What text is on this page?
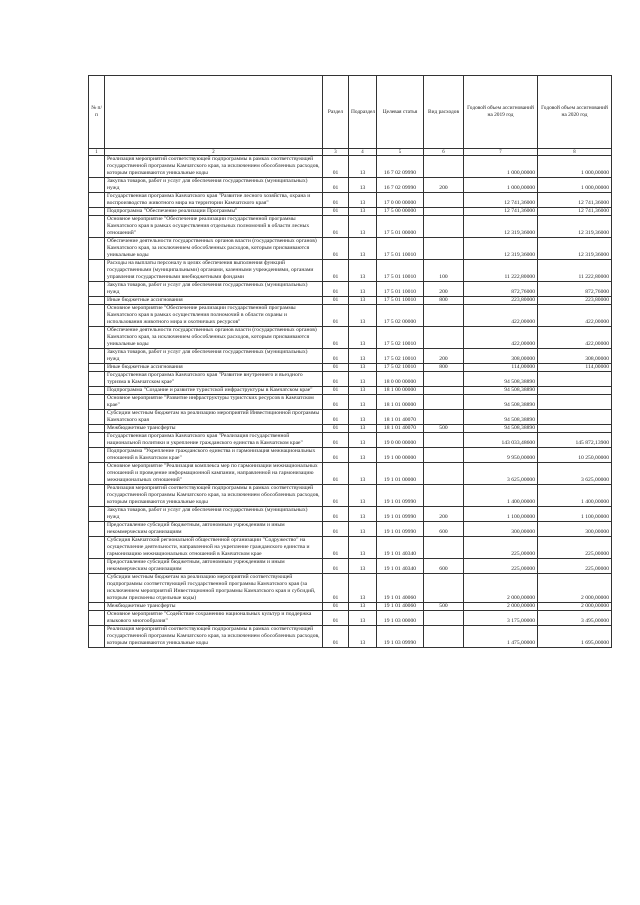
№ п/п		Раздел	Подраздел	Целевая статья	Вид расходов	Годовой объем ассигнований на 2019 год	Годовой объем ассигнований на 2020 год
1	2	3	4	5	6	7	8
	Реализация мероприятий соответствующей подпрограммы в рамках соответствующей государственной программы Камчатского края, за исключением обособленных расходов, которым присваиваются уникальные коды	01	13	16 7 02 09990		1 000,00000	1 000,00000
	Закупка товаров, работ и услуг для обеспечения государственных (муниципальных) нужд	01	13	16 7 02 09990	200	1 000,00000	1 000,00000
	Государственная программа Камчатского края "Развитие лесного хозяйства, охрана и воспроизводство животного мира на территории Камчатского края"	01	13	17 0 00 00000		12 741,36000	12 741,36000
	Подпрограмма "Обеспечение реализации Программы"	01	13	17 5 00 00000		12 741,36000	12 741,36000
	Основное мероприятие "Обеспечение реализации государственной программы Камчатского края в рамках осуществления отдельных полномочий в области лесных отношений"	01	13	17 5 01 00000		12 319,36000	12 319,36000
	Обеспечение деятельности государственных органов власти (государственных органов) Камчатского края, за исключением обособленных расходов, которым присваиваются уникальные коды	01	13	17 5 01 10010		12 319,36000	12 319,36000
	Расходы на выплаты персоналу в целях обеспечения выполнения функций государственными (муниципальными) органами, казенными учреждениями, органами управления государственными внебюджетными фондами	01	13	17 5 01 10010	100	11 222,80000	11 222,80000
	Закупка товаров, работ и услуг для обеспечения государственных (муниципальных) нужд	01	13	17 5 01 10010	200	872,76000	872,76000
	Иные бюджетные ассигнования	01	13	17 5 01 10010	800	223,80000	223,80000
	Основное мероприятие "Обеспечение реализации государственной программы Камчатского края в рамках осуществления полномочий в области охраны и использования животного мира и охотничьих ресурсов"	01	13	17 5 02 00000		422,00000	422,00000
	Обеспечение деятельности государственных органов власти (государственных органов) Камчатского края, за исключением обособленных расходов, которым присваиваются уникальные коды	01	13	17 5 02 10010		422,00000	422,00000
	Закупка товаров, работ и услуг для обеспечения государственных (муниципальных) нужд	01	13	17 5 02 10010	200	308,00000	308,00000
	Иные бюджетные ассигнования	01	13	17 5 02 10010	800	114,00000	114,00000
	Государственная программа Камчатского края "Развитие внутреннего и въездного туризма в Камчатском крае"	01	13	18 0 00 00000		94 508,38890	
	Подпрограмма "Создание и развитие туристской инфраструктуры в Камчатском крае"	01	13	18 1 00 00000		94 508,38890	
	Основное мероприятие "Развитие инфраструктуры туристских ресурсов в Камчатском крае"	01	13	18 1 01 00000		94 508,38890	
	Субсидии местным бюджетам на реализацию мероприятий Инвестиционной программы Камчатского края	01	13	18 1 01 40070		94 508,38890	
	Межбюджетные трансферты	01	13	18 1 01 40070	500	94 508,38890	
	Государственная программа Камчатского края "Реализация государственной национальной политики и укрепление гражданского единства в Камчатском крае"	01	13	19 0 00 00000		143 033,48600	145 872,13900
	Подпрограмма "Укрепление гражданского единства и гармонизация межнациональных отношений в Камчатском крае"	01	13	19 1 00 00000		9 950,00000	10 250,00000
	Основное мероприятие "Реализация комплекса мер по гармонизации межнациональных отношений и проведение информационной кампании, направленной на гармонизацию межнациональных отношений"	01	13	19 1 01 00000		3 625,00000	3 625,00000
	Реализация мероприятий соответствующей подпрограммы в рамках соответствующей государственной программы Камчатского края, за исключением обособленных расходов, которым присваиваются уникальные коды	01	13	19 1 01 09990		1 400,00000	1 400,00000
	Закупка товаров, работ и услуг для обеспечения государственных (муниципальных) нужд	01	13	19 1 01 09990	200	1 100,00000	1 100,00000
	Предоставление субсидий бюджетным, автономным учреждениям и иным некоммерческим организациям	01	13	19 1 01 09990	600	300,00000	300,00000
	Субсидия Камчатской региональной общественной организации "Содружество" на осуществление деятельности, направленной на укрепление гражданского единства и гармонизацию межнациональных отношений в Камчатском крае	01	13	19 1 01 40340		225,00000	225,00000
	Предоставление субсидий бюджетным, автономным учреждениям и иным некоммерческим организациям	01	13	19 1 01 40340	600	225,00000	225,00000
	Субсидии местным бюджетам на реализацию мероприятий соответствующей подпрограммы соответствующей государственной программы Камчатского края (за исключением мероприятий Инвестиционной программы Камчатского края и субсидий, которым присвоены отдельные коды)	01	13	19 1 01 40060		2 000,00000	2 000,00000
	Межбюджетные трансферты	01	13	19 1 01 40060	500	2 000,00000	2 000,00000
	Основное мероприятие "Содействие сохранению национальных культур и поддержка языкового многообразия"	01	13	19 1 03 00000		3 175,00000	3 495,00000
	Реализация мероприятий соответствующей подпрограммы в рамках соответствующей государственной программы Камчатского края, за исключением обособленных расходов, которым присваиваются уникальные коды	01	13	19 1 03 09990		1 475,00000	1 695,00000
